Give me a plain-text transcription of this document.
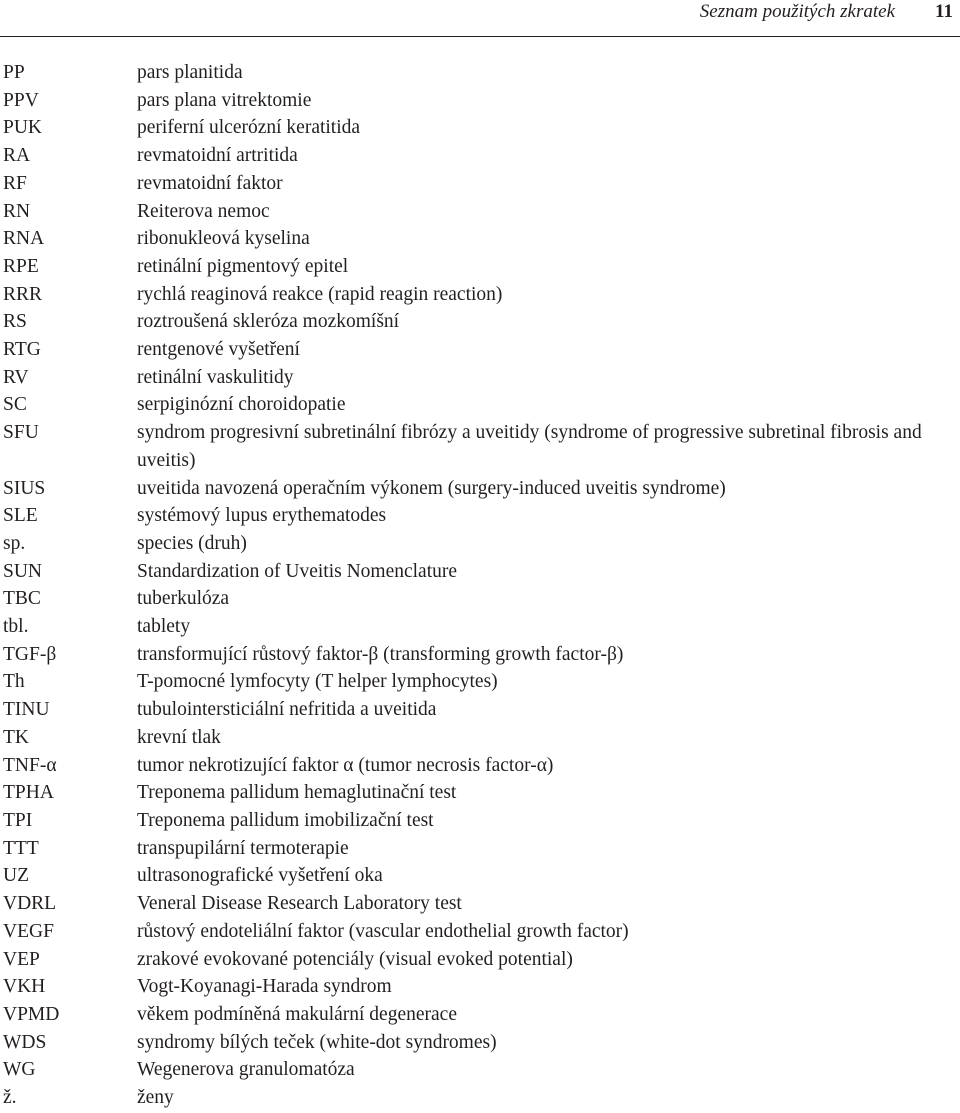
Seznam použitých zkratek 11
PP	pars planitida
PPV	pars plana vitrektomie
PUK	periferní ulcerózní keratitida
RA	revmatoidní artritida
RF	revmatoidní faktor
RN	Reiterova nemoc
RNA	ribonukleová kyselina
RPE	retinální pigmentový epitel
RRR	rychlá reaginová reakce (rapid reagin reaction)
RS	roztroušená skleróza mozkomíšní
RTG	rentgenové vyšetření
RV	retinální vaskulitidy
SC	serpiginózní choroidopatie
SFU	syndrom progresivní subretinální fibrózy a uveitidy (syndrome of progressive subretinal fibrosis and uveitis)
SIUS	uveitida navozená operačním výkonem (surgery-induced uveitis syndrome)
SLE	systémový lupus erythematodes
sp.	species (druh)
SUN	Standardization of Uveitis Nomenclature
TBC	tuberkulóza
tbl.	tablety
TGF-β	transformující růstový faktor-β (transforming growth factor-β)
Th	T-pomocné lymfocyty (T helper lymphocytes)
TINU	tubulointersticiální nefritida a uveitida
TK	krevní tlak
TNF-α	tumor nekrotizující faktor α (tumor necrosis factor-α)
TPHA	Treponema pallidum hemaglutinační test
TPI	Treponema pallidum imobilizační test
TTT	transpupilární termoterapie
UZ	ultrasonografické vyšetření oka
VDRL	Veneral Disease Research Laboratory test
VEGF	růstový endoteliální faktor (vascular endothelial growth factor)
VEP	zrakové evokované potenciály (visual evoked potential)
VKH	Vogt-Koyanagi-Harada syndrom
VPMD	věkem podmíněná makulární degenerace
WDS	syndromy bílých teček (white-dot syndromes)
WG	Wegenerova granulomatóza
ž.	ženy
